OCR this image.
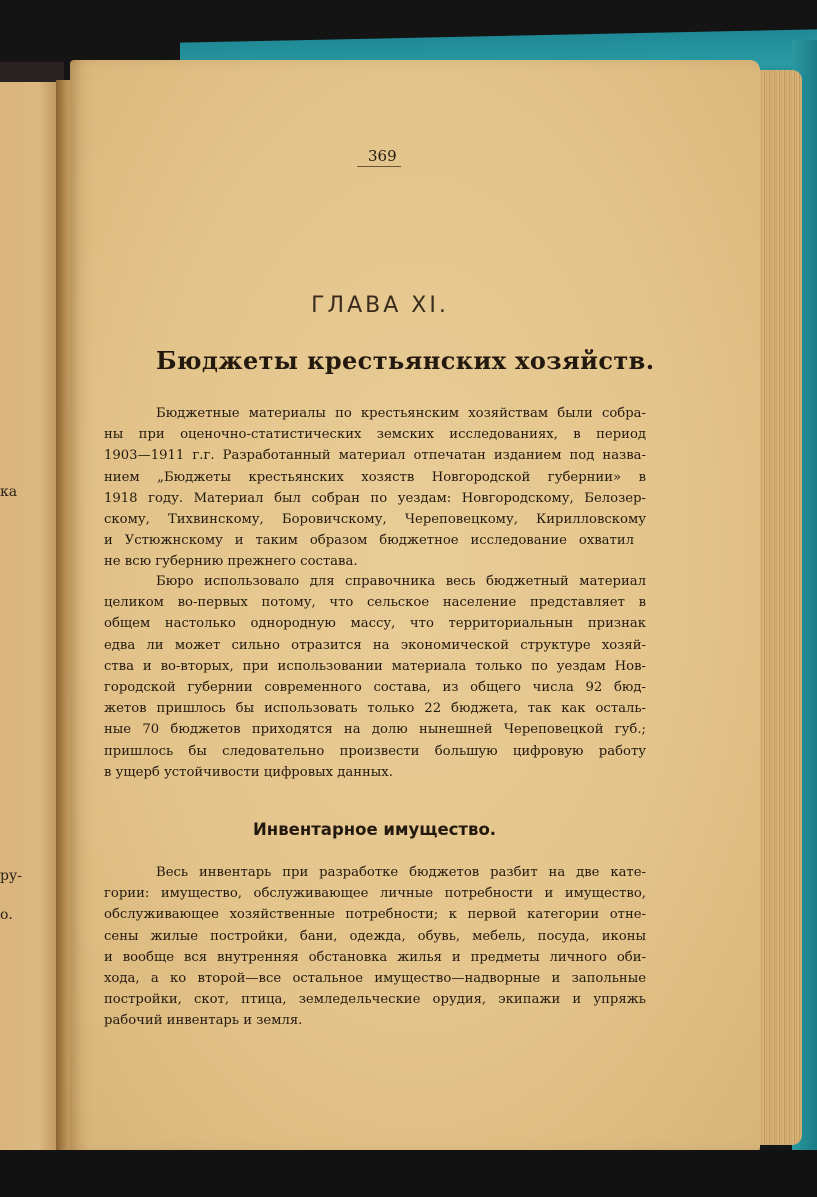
ка
ру-
о.
369
ГЛАВА XI.
Бюджеты крестьянских хозяйств.
Бюджетные материалы по крестьянским хозяйствам были собра-
ны при оценочно-статистических земских исследованиях, в период
1903—1911 г.г. Разработанный материал отпечатан изданием под назва-
нием „Бюджеты крестьянских хозяств Новгородской губернии» в
1918 году. Материал был собран по уездам: Новгородскому, Белозер-
скому, Тихвинскому, Боровичскому, Череповецкому, Кирилловскому
и Устюжнскому и таким образом бюджетное исследование охватил
не всю губернию прежнего состава.
Бюро использовало для справочника весь бюджетный материал
целиком во-первых потому, что сельское население представляет в
общем настолько однородную массу, что территориальнын признак
едва ли может сильно отразится на экономической структуре хозяй-
ства и во-вторых, при использовании материала только по уездам Нов-
городской губернии современного состава, из общего числа 92 бюд-
жетов пришлось бы использовать только 22 бюджета, так как осталь-
ные 70 бюджетов приходятся на долю нынешней Череповецкой губ.;
пришлось бы следовательно произвести большую цифровую работу
в ущерб устойчивости цифровых данных.
Инвентарное имущество.
Весь инвентарь при разработке бюджетов разбит на две кате-
гории: имущество, обслуживающее личные потребности и имущество,
обслуживающее хозяйственные потребности; к первой категории отне-
сены жилые постройки, бани, одежда, обувь, мебель, посуда, иконы
и вообще вся внутренняя обстановка жилья и предметы личного оби-
хода, а ко второй—все остальное имущество—надворные и запольные
постройки, скот, птица, земледельческие орудия, экипажи и упряжь
рабочий инвентарь и земля.
